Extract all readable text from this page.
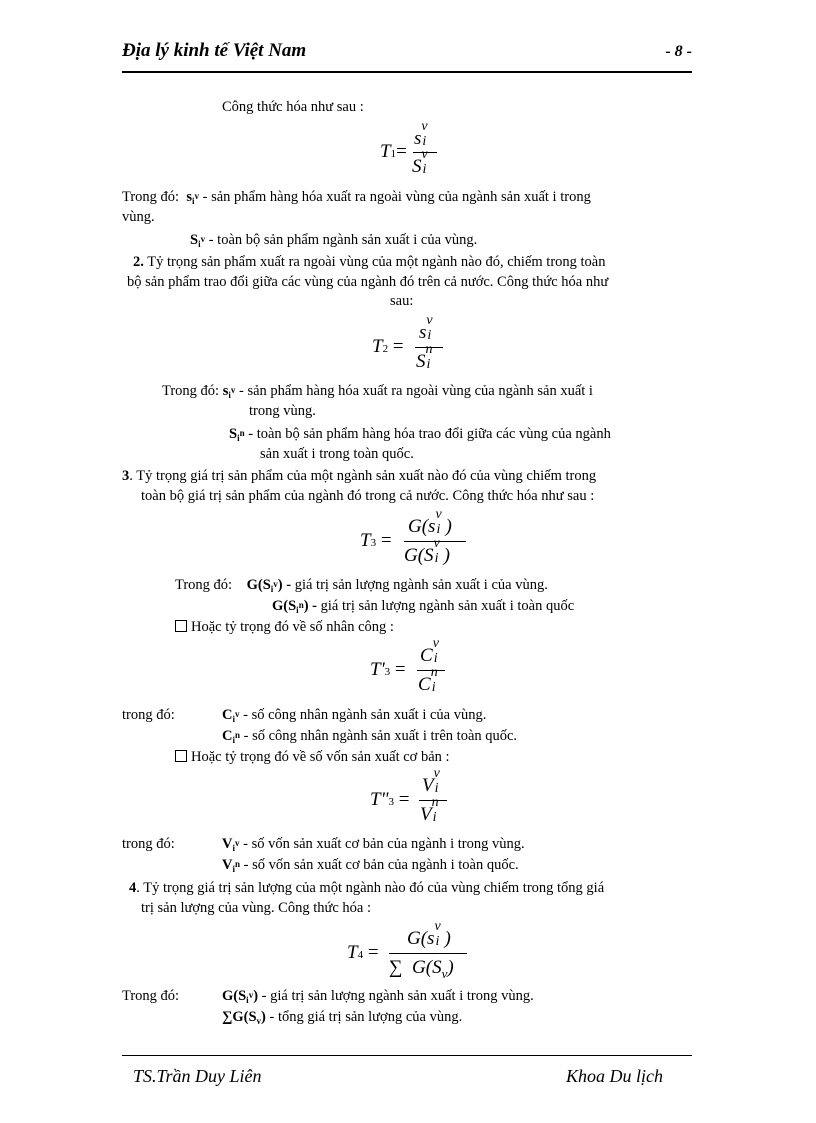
Địa lý kinh tế Việt Nam	- 8 -
Công thức hóa như sau :
T1=
s
v
i
S
v
i
Trong đó: $s_i^v$ - sản phẩm hàng hóa xuất ra ngoài vùng của ngành sản xuất i trong
vùng.
$S_i^v$ - toàn bộ sản phẩm ngành sản xuất i của vùng.
2. Tỷ trọng sản phẩm xuất ra ngoài vùng của một ngành nào đó, chiếm trong toàn
bộ sản phẩm trao đổi giữa các vùng của ngành đó trên cả nước. Công thức hóa như
sau:
T2 =
s
v
i
S
n
i
Trong đó: $s_i^v$ - sản phẩm hàng hóa xuất ra ngoài vùng của ngành sản xuất i
trong vùng.
$S_i^n$ - toàn bộ sản phẩm hàng hóa trao đổi giữa các vùng của ngành
sản xuất i trong toàn quốc.
3. Tỷ trọng giá trị sản phẩm của một ngành sản xuất nào đó của vùng chiếm trong
toàn bộ giá trị sản phẩm của ngành đó trong cả nước. Công thức hóa như sau :
T3 =
G(s
v
i )
G(S
v
i )
Trong đó: $G(S_i^v)$ - giá trị sản lượng ngành sản xuất i của vùng.
$G(S_i^n)$ - giá trị sản lượng ngành sản xuất i toàn quốc
Hoặc tỷ trọng đó về số nhân công :
T'3 =
C
v
i
C
n
i
trong đó:	$C_i^v$ - số công nhân ngành sản xuất i của vùng.
$C_i^n$ - số công nhân ngành sản xuất i trên toàn quốc.
Hoặc tỷ trọng đó về số vốn sản xuất cơ bản :
T"3 =
V
v
i
V
n
i
trong đó:	$V_i^v$ - số vốn sản xuất cơ bản của ngành i trong vùng.
$V_i^n$ - số vốn sản xuất cơ bản của ngành i toàn quốc.
4. Tỷ trọng giá trị sản lượng của một ngành nào đó của vùng chiếm trong tổng giá
trị sản lượng của vùng. Công thức hóa :
T4 =
G(s
v
i )
∑ $G(S_v)$
Trong đó:	$G(S_i^v)$ - giá trị sản lượng ngành sản xuất i trong vùng.
$\sum G(S_v)$ - tổng giá trị sản lượng của vùng.
TS.Trần Duy Liên	Khoa Du lịch
